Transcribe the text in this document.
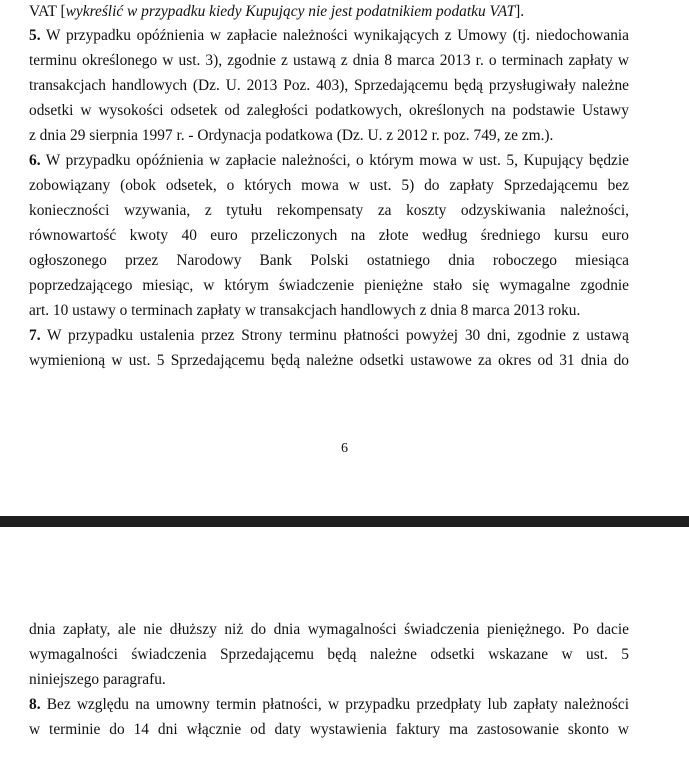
VAT [wykreślić w przypadku kiedy Kupujący nie jest podatnikiem podatku VAT].
5. W przypadku opóźnienia w zapłacie należności wynikających z Umowy (tj. niedochowania
terminu określonego w ust. 3), zgodnie z ustawą z dnia 8 marca 2013 r. o terminach zapłaty w
transakcjach handlowych (Dz. U. 2013 Poz. 403), Sprzedającemu będą przysługiwały należne
odsetki w wysokości odsetek od zaległości podatkowych, określonych na podstawie Ustawy
z dnia 29 sierpnia 1997 r. - Ordynacja podatkowa (Dz. U. z 2012 r. poz. 749, ze zm.).
6. W przypadku opóźnienia w zapłacie należności, o którym mowa w ust. 5, Kupujący będzie
zobowiązany (obok odsetek, o których mowa w ust. 5) do zapłaty Sprzedającemu bez
konieczności wzywania, z tytułu rekompensaty za koszty odzyskiwania należności,
równowartość kwoty 40 euro przeliczonych na złote według średniego kursu euro
ogłoszonego przez Narodowy Bank Polski ostatniego dnia roboczego miesiąca
poprzedzającego miesiąc, w którym świadczenie pieniężne stało się wymagalne zgodnie
art. 10 ustawy o terminach zapłaty w transakcjach handlowych z dnia 8 marca 2013 roku.
7. W przypadku ustalenia przez Strony terminu płatności powyżej 30 dni, zgodnie z ustawą
wymienioną w ust. 5 Sprzedającemu będą należne odsetki ustawowe za okres od 31 dnia do
6
dnia zapłaty, ale nie dłuższy niż do dnia wymagalności świadczenia pieniężnego. Po dacie
wymagalności świadczenia Sprzedającemu będą należne odsetki wskazane w ust. 5
niniejszego paragrafu.
8. Bez względu na umowny termin płatności, w przypadku przedpłaty lub zapłaty należności
w terminie do 14 dni włącznie od daty wystawienia faktury ma zastosowanie skonto w
